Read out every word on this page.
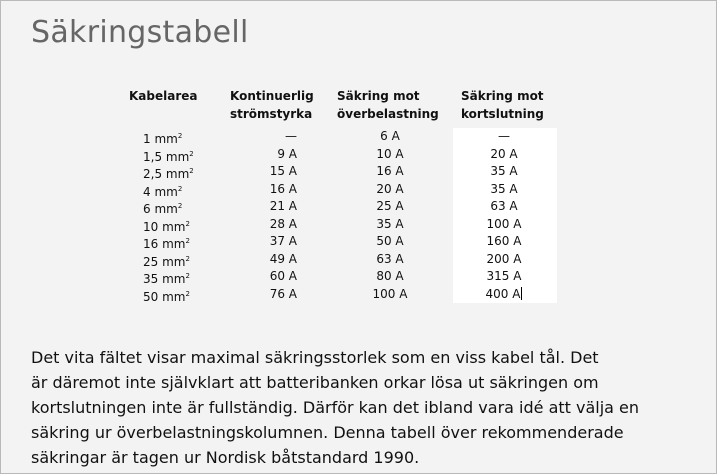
Säkringstabell
Kabelarea	Kontinuerlig
strömstyrka
Säkring mot
överbelastning
Säkring mot
kortslutning
1 $mm^2$
1,5 $mm^2$
2,5 $mm^2$
4 $mm^2$
6 $mm^2$
10 $mm^2$
16 $mm^2$
25 $mm^2$
35 $mm^2$
50 $mm^2$
—
9 A
15 A
16 A
21 A
28 A
37 A
49 A
60 A
76 A
6 A
10 A
16 A
20 A
25 A
35 A
50 A
63 A
80 A
100 A
—
20 A
35 A
35 A
63 A
100 A
160 A
200 A
315 A
400 A
Det vita fältet visar maximal säkringsstorlek som en viss kabel tål. Det
är däremot inte självklart att batteribanken orkar lösa ut säkringen om
kortslutningen inte är fullständig. Därför kan det ibland vara idé att välja en
säkring ur överbelastningskolumnen. Denna tabell över rekommenderade
säkringar är tagen ur Nordisk båtstandard 1990.
